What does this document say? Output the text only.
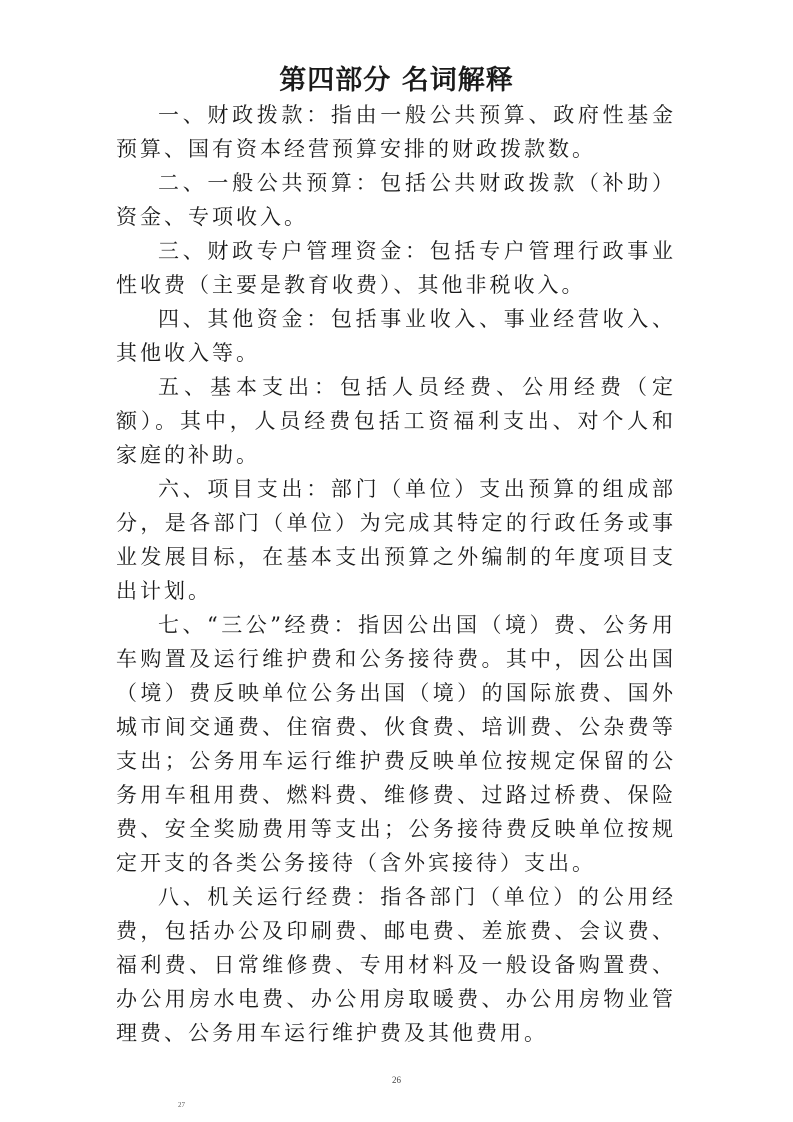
第四部分 名词解释

一、财政拨款：指由一般公共预算、政府性基金预算、国有资本经营预算安排的财政拨款数。

二、一般公共预算：包括公共财政拨款（补助）资金、专项收入。

三、财政专户管理资金：包括专户管理行政事业性收费（主要是教育收费）、其他非税收入。

四、其他资金：包括事业收入、事业经营收入、其他收入等。

五、基本支出：包括人员经费、公用经费（定额）。其中，人员经费包括工资福利支出、对个人和家庭的补助。

六、项目支出：部门（单位）支出预算的组成部分，是各部门（单位）为完成其特定的行政任务或事业发展目标，在基本支出预算之外编制的年度项目支出计划。

七、“三公”经费：指因公出国（境）费、公务用车购置及运行维护费和公务接待费。其中，因公出国（境）费反映单位公务出国（境）的国际旅费、国外城市间交通费、住宿费、伙食费、培训费、公杂费等支出；公务用车运行维护费反映单位按规定保留的公务用车租用费、燃料费、维修费、过路过桥费、保险费、安全奖励费用等支出；公务接待费反映单位按规定开支的各类公务接待（含外宾接待）支出。

八、机关运行经费：指各部门（单位）的公用经费，包括办公及印刷费、邮电费、差旅费、会议费、福利费、日常维修费、专用材料及一般设备购置费、办公用房水电费、办公用房取暖费、办公用房物业管理费、公务用车运行维护费及其他费用。

26
27
